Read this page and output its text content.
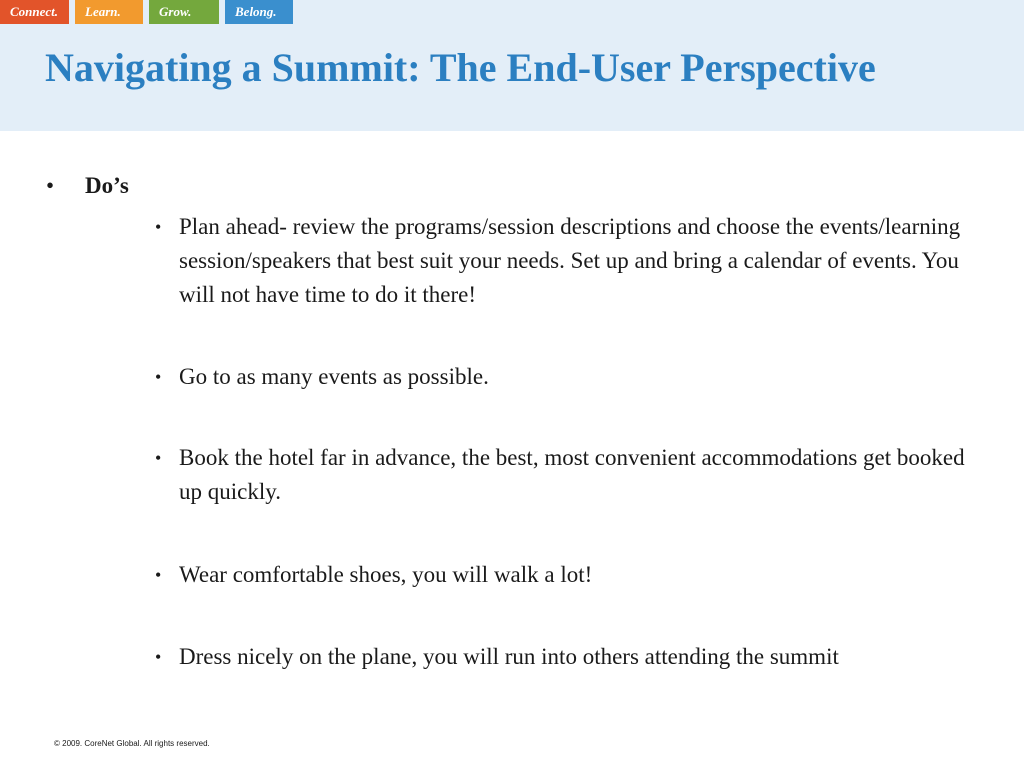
Connect.	Learn.	Grow.	Belong.
Navigating a Summit: The End-User Perspective
• Do’s
• Plan ahead- review the programs/session descriptions and choose the events/learning session/speakers that best suit your needs. Set up and bring a calendar of events. You will not have time to do it there!
• Go to as many events as possible.
• Book the hotel far in advance, the best, most convenient accommodations get booked up quickly.
• Wear comfortable shoes, you will walk a lot!
• Dress nicely on the plane, you will run into others attending the summit
© 2009. CoreNet Global. All rights reserved.
